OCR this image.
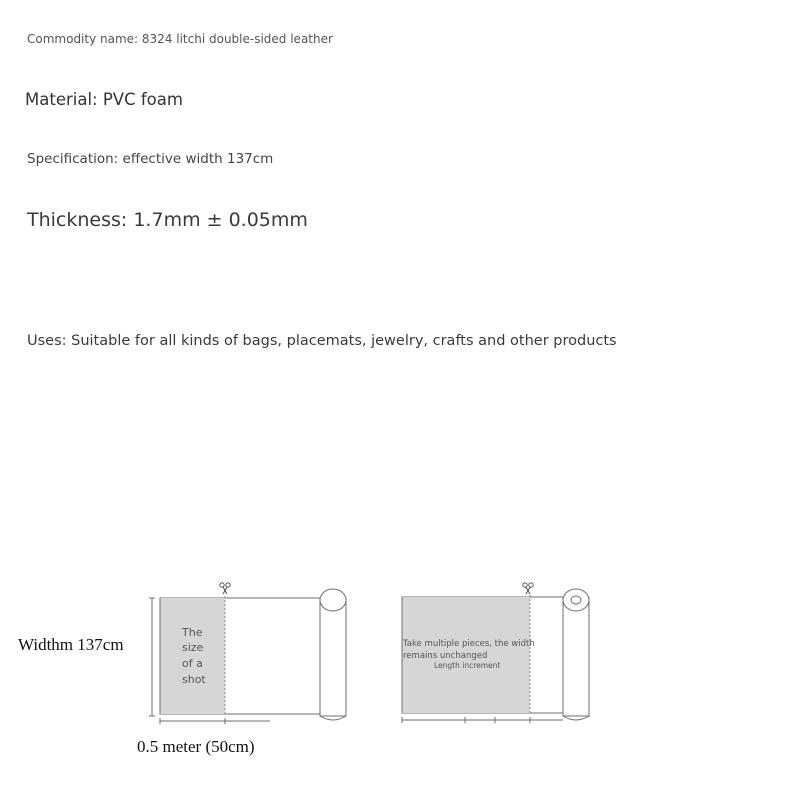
Commodity name: 8324 litchi double-sided leather
Material: PVC foam
Specification: effective width 137cm
Thickness: 1.7mm ± 0.05mm
Uses: Suitable for all kinds of bags, placemats, jewelry, crafts and other products
The
size
of a
shot
Take multiple pieces, the width
remains unchanged
Length increment
Widthm 137cm
0.5 meter (50cm)
